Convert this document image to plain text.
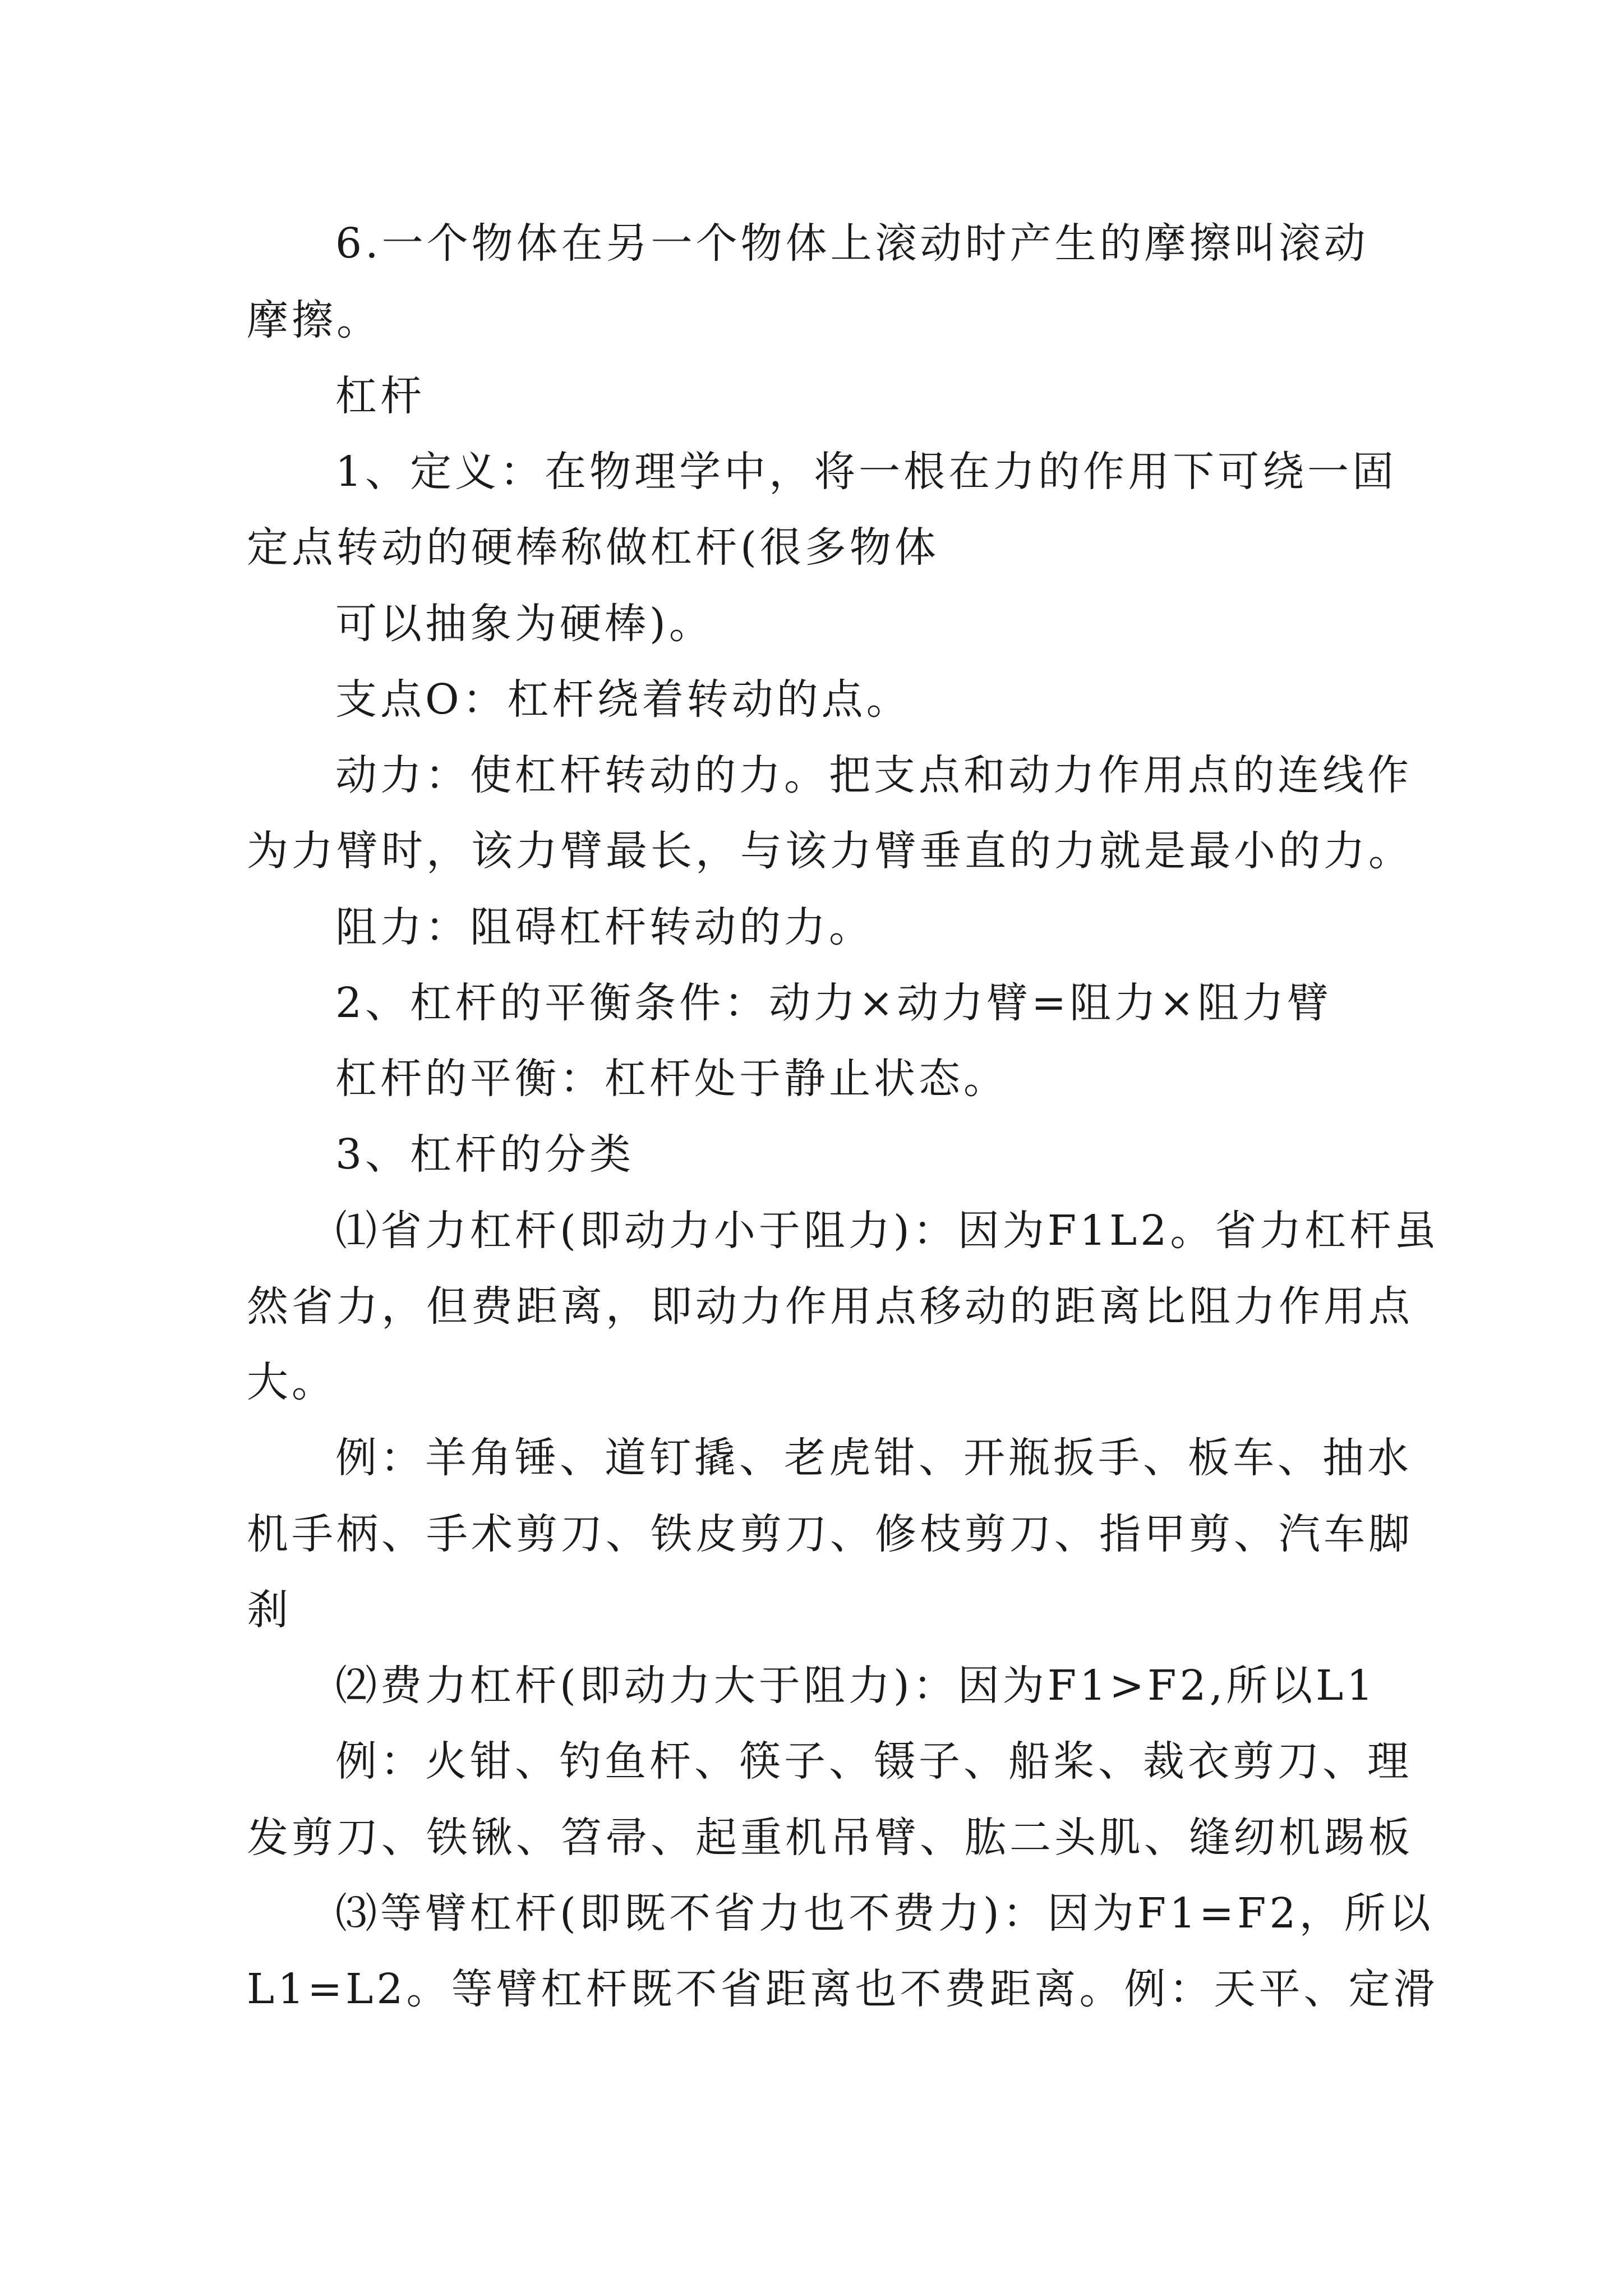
6.一个物体在另一个物体上滚动时产生的摩擦叫滚动
摩擦。
杠杆
1、定义：在物理学中，将一根在力的作用下可绕一固
定点转动的硬棒称做杠杆(很多物体
可以抽象为硬棒)。
支点O：杠杆绕着转动的点。
动力：使杠杆转动的力。把支点和动力作用点的连线作
为力臂时，该力臂最长，与该力臂垂直的力就是最小的力。
阻力：阻碍杠杆转动的力。
2、杠杆的平衡条件：动力×动力臂=阻力×阻力臂
杠杆的平衡：杠杆处于静止状态。
3、杠杆的分类
⑴省力杠杆(即动力小于阻力)：因为F1L2。省力杠杆虽
然省力，但费距离，即动力作用点移动的距离比阻力作用点
大。
例：羊角锤、道钉撬、老虎钳、开瓶扳手、板车、抽水
机手柄、手术剪刀、铁皮剪刀、修枝剪刀、指甲剪、汽车脚
刹
⑵费力杠杆(即动力大于阻力)：因为F1>F2,所以L1
例：火钳、钓鱼杆、筷子、镊子、船桨、裁衣剪刀、理
发剪刀、铁锹、笤帚、起重机吊臂、肱二头肌、缝纫机踢板
⑶等臂杠杆(即既不省力也不费力)：因为F1=F2，所以
L1=L2。等臂杠杆既不省距离也不费距离。例：天平、定滑
